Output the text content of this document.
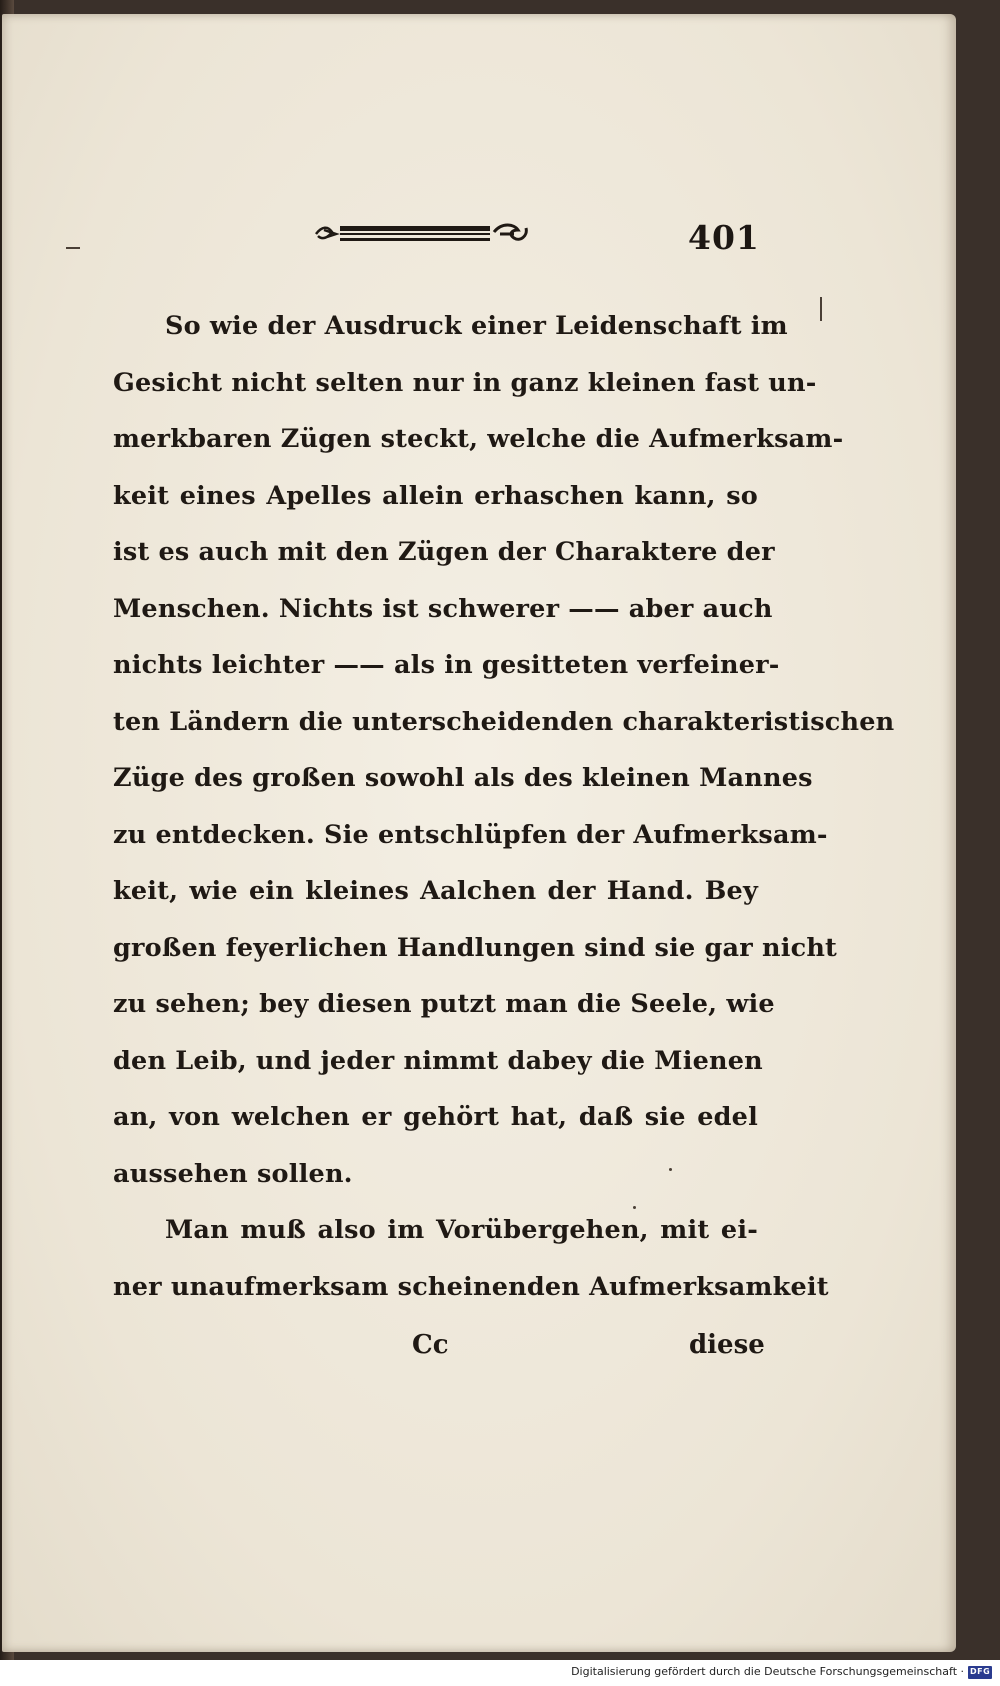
401
So wie der Ausdruck einer Leidenschaft im
Gesicht nicht selten nur in ganz kleinen fast un-
merkbaren Zügen steckt, welche die Aufmerksam-
keit eines Apelles allein erhaschen kann, so
ist es auch mit den Zügen der Charaktere der
Menschen. Nichts ist schwerer —— aber auch
nichts leichter —— als in gesitteten verfeiner-
ten Ländern die unterscheidenden charakteristischen
Züge des großen sowohl als des kleinen Mannes
zu entdecken. Sie entschlüpfen der Aufmerksam-
keit, wie ein kleines Aalchen der Hand. Bey
großen feyerlichen Handlungen sind sie gar nicht
zu sehen; bey diesen putzt man die Seele, wie
den Leib, und jeder nimmt dabey die Mienen
an, von welchen er gehört hat, daß sie edel
aussehen sollen.
Man muß also im Vorübergehen, mit ei-
ner unaufmerksam scheinenden Aufmerksamkeit
Cc	diese
Digitalisierung gefördert durch die Deutsche Forschungsgemeinschaft · DFG
